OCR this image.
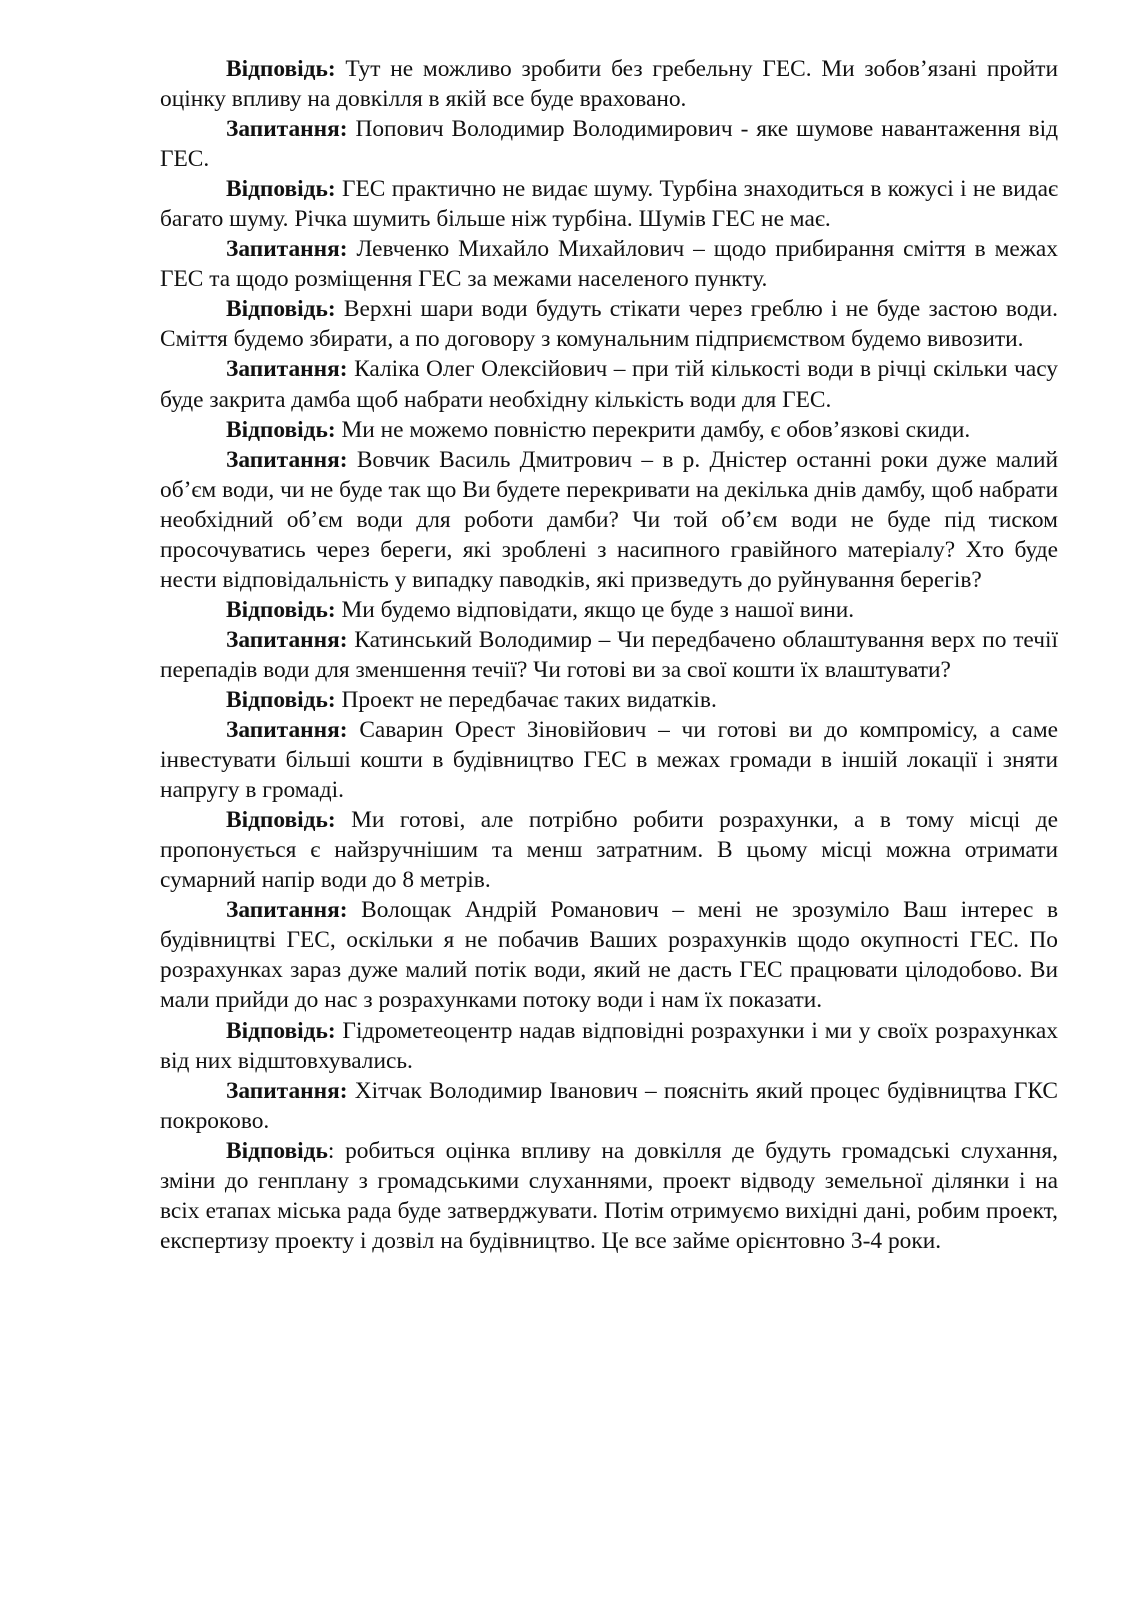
Відповідь: Тут не можливо зробити без гребельну ГЕС. Ми зобов’язані пройти оцінку впливу на довкілля в якій все буде враховано.

Запитання: Попович Володимир Володимирович - яке шумове навантаження від ГЕС.

Відповідь: ГЕС практично не видає шуму. Турбіна знаходиться в кожусі і не видає багато шуму. Річка шумить більше ніж турбіна. Шумів ГЕС не має.

Запитання: Левченко Михайло Михайлович – щодо прибирання сміття в межах ГЕС та щодо розміщення ГЕС за межами населеного пункту.

Відповідь: Верхні шари води будуть стікати через греблю і не буде застою води. Сміття будемо збирати, а по договору з комунальним підприємством будемо вивозити.

Запитання: Каліка Олег Олексійович – при тій кількості води в річці скільки часу буде закрита дамба щоб набрати необхідну кількість води для ГЕС.

Відповідь: Ми не можемо повністю перекрити дамбу, є обов’язкові скиди.

Запитання: Вовчик Василь Дмитрович – в р. Дністер останні роки дуже малий об’єм води, чи не буде так що Ви будете перекривати на декілька днів дамбу, щоб набрати необхідний об’єм води для роботи дамби? Чи той об’єм води не буде під тиском просочуватись через береги, які зроблені з насипного гравійного матеріалу? Хто буде нести відповідальність у випадку паводків, які призведуть до руйнування берегів?

Відповідь: Ми будемо відповідати, якщо це буде з нашої вини.

Запитання: Катинський Володимир – Чи передбачено облаштування верх по течії перепадів води для зменшення течії? Чи готові ви за свої кошти їх влаштувати?

Відповідь: Проект не передбачає таких видатків.

Запитання: Саварин Орест Зіновійович – чи готові ви до компромісу, а саме інвестувати більші кошти в будівництво ГЕС в межах громади в іншій локації і зняти напругу в громаді.

Відповідь: Ми готові, але потрібно робити розрахунки, а в тому місці де пропонується є найзручнішим та менш затратним. В цьому місці можна отримати сумарний напір води до 8 метрів.

Запитання: Волощак Андрій Романович – мені не зрозуміло Ваш інтерес в будівництві ГЕС, оскільки я не побачив Ваших розрахунків щодо окупності ГЕС. По розрахунках зараз дуже малий потік води, який не дасть ГЕС працювати цілодобово. Ви мали прийди до нас з розрахунками потоку води і нам їх показати.

Відповідь: Гідрометеоцентр надав відповідні розрахунки і ми у своїх розрахунках від них відштовхувались.

Запитання: Хітчак Володимир Іванович – поясніть який процес будівництва ГКС покроково.

Відповідь: робиться оцінка впливу на довкілля де будуть громадські слухання, зміни до генплану з громадськими слуханнями, проект відводу земельної ділянки і на всіх етапах міська рада буде затверджувати. Потім отримуємо вихідні дані, робим проект, експертизу проекту і дозвіл на будівництво. Це все займе орієнтовно 3-4 роки.
